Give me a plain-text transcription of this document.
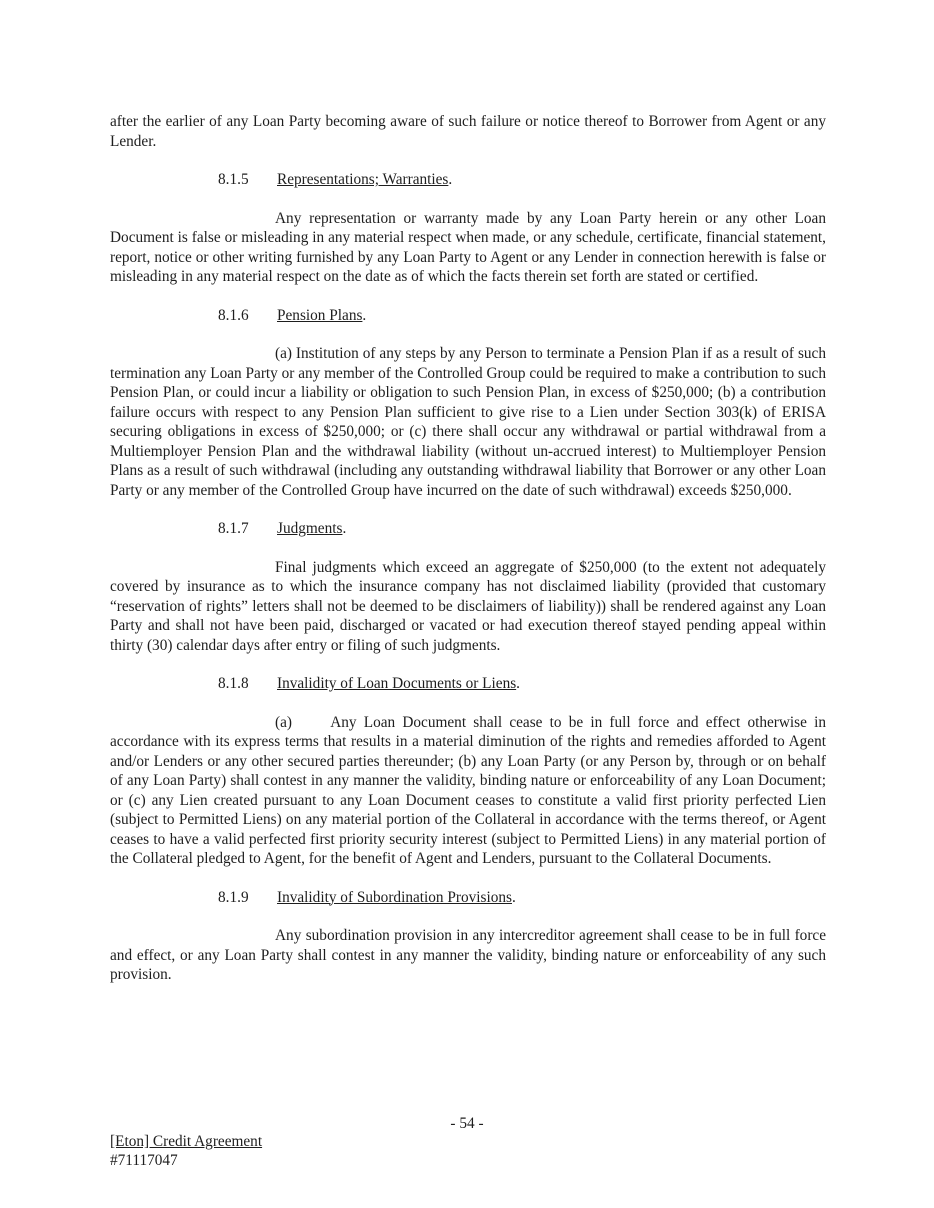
after the earlier of any Loan Party becoming aware of such failure or notice thereof to Borrower from Agent or any Lender.

8.1.5 Representations; Warranties.

Any representation or warranty made by any Loan Party herein or any other Loan Document is false or misleading in any material respect when made, or any schedule, certificate, financial statement, report, notice or other writing furnished by any Loan Party to Agent or any Lender in connection herewith is false or misleading in any material respect on the date as of which the facts therein set forth are stated or certified.

8.1.6 Pension Plans.

(a) Institution of any steps by any Person to terminate a Pension Plan if as a result of such termination any Loan Party or any member of the Controlled Group could be required to make a contribution to such Pension Plan, or could incur a liability or obligation to such Pension Plan, in excess of $250,000; (b) a contribution failure occurs with respect to any Pension Plan sufficient to give rise to a Lien under Section 303(k) of ERISA securing obligations in excess of $250,000; or (c) there shall occur any withdrawal or partial withdrawal from a Multiemployer Pension Plan and the withdrawal liability (without un-accrued interest) to Multiemployer Pension Plans as a result of such withdrawal (including any outstanding withdrawal liability that Borrower or any other Loan Party or any member of the Controlled Group have incurred on the date of such withdrawal) exceeds $250,000.

8.1.7 Judgments.

Final judgments which exceed an aggregate of $250,000 (to the extent not adequately covered by insurance as to which the insurance company has not disclaimed liability (provided that customary “reservation of rights” letters shall not be deemed to be disclaimers of liability)) shall be rendered against any Loan Party and shall not have been paid, discharged or vacated or had execution thereof stayed pending appeal within thirty (30) calendar days after entry or filing of such judgments.

8.1.8 Invalidity of Loan Documents or Liens.

(a)   Any Loan Document shall cease to be in full force and effect otherwise in accordance with its express terms that results in a material diminution of the rights and remedies afforded to Agent and/or Lenders or any other secured parties thereunder; (b) any Loan Party (or any Person by, through or on behalf of any Loan Party) shall contest in any manner the validity, binding nature or enforceability of any Loan Document; or (c) any Lien created pursuant to any Loan Document ceases to constitute a valid first priority perfected Lien (subject to Permitted Liens) on any material portion of the Collateral in accordance with the terms thereof, or Agent ceases to have a valid perfected first priority security interest (subject to Permitted Liens) in any material portion of the Collateral pledged to Agent, for the benefit of Agent and Lenders, pursuant to the Collateral Documents.

8.1.9 Invalidity of Subordination Provisions.

Any subordination provision in any intercreditor agreement shall cease to be in full force and effect, or any Loan Party shall contest in any manner the validity, binding nature or enforceability of any such provision.

- 54 -
[Eton] Credit Agreement
#71117047
